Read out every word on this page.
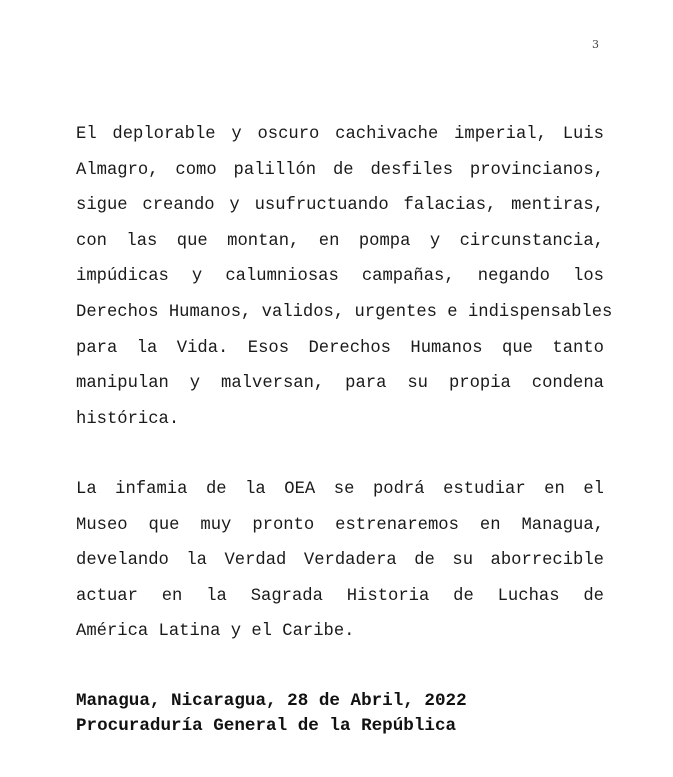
3
El deplorable y oscuro cachivache imperial, Luis
Almagro, como palillón de desfiles provincianos,
sigue creando y usufructuando falacias, mentiras,
con las que montan, en pompa y circunstancia,
impúdicas y calumniosas campañas, negando los
Derechos Humanos, validos, urgentes e indispensables
para la Vida. Esos Derechos Humanos que tanto
manipulan y malversan, para su propia condena
histórica.
La infamia de la OEA se podrá estudiar en el
Museo que muy pronto estrenaremos en Managua,
develando la Verdad Verdadera de su aborrecible
actuar en la Sagrada Historia de Luchas de
América Latina y el Caribe.
Managua, Nicaragua, 28 de Abril, 2022
Procuraduría General de la República
